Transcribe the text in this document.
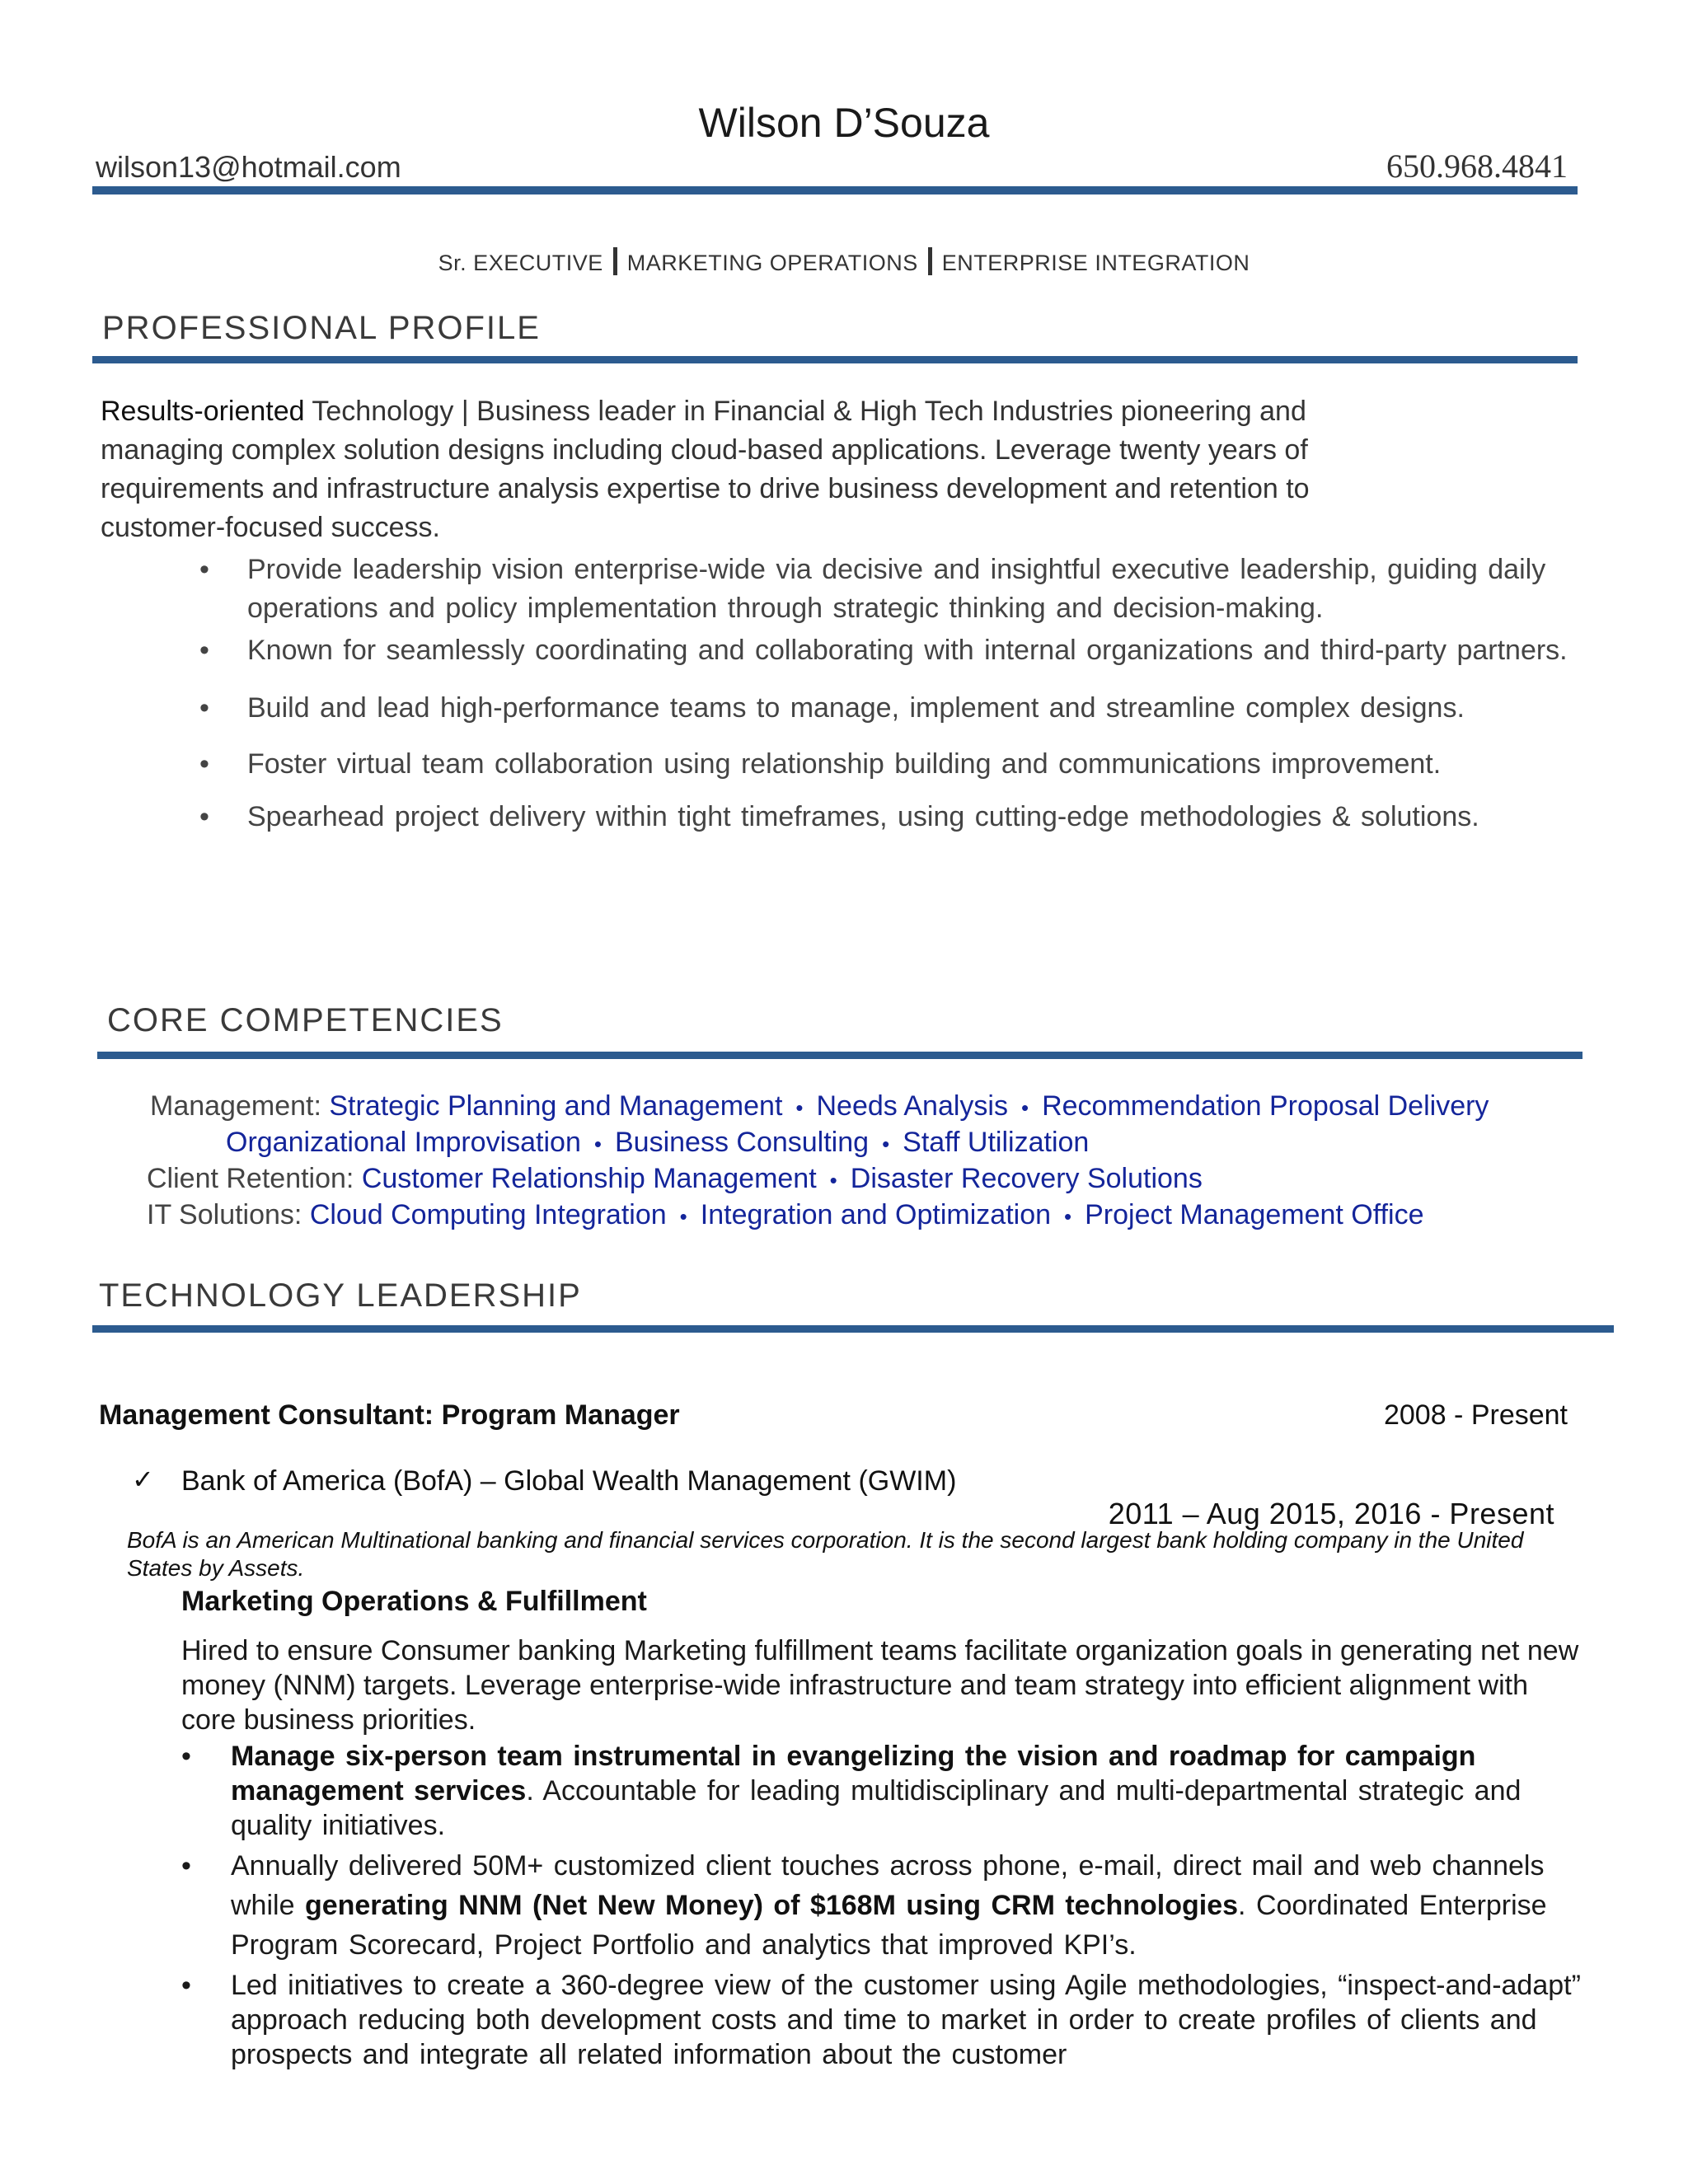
Wilson D’Souza
wilson13@hotmail.com	650.968.4841
Sr. EXECUTIVE MARKETING OPERATIONS ENTERPRISE INTEGRATION
PROFESSIONAL PROFILE
Results-oriented Technology | Business leader in Financial & High Tech Industries pioneering and managing complex solution designs including cloud-based applications. Leverage twenty years of requirements and infrastructure analysis expertise to drive business development and retention to customer-focused success.
• Provide leadership vision enterprise-wide via decisive and insightful executive leadership, guiding daily operations and policy implementation through strategic thinking and decision-making.
• Known for seamlessly coordinating and collaborating with internal organizations and third-party partners.
• Build and lead high-performance teams to manage, implement and streamline complex designs.
• Foster virtual team collaboration using relationship building and communications improvement.
• Spearhead project delivery within tight timeframes, using cutting-edge methodologies & solutions.
CORE COMPETENCIES
Management: Strategic Planning and Management • Needs Analysis • Recommendation Proposal Delivery
Organizational Improvisation • Business Consulting • Staff Utilization
Client Retention: Customer Relationship Management • Disaster Recovery Solutions
IT Solutions: Cloud Computing Integration • Integration and Optimization • Project Management Office
TECHNOLOGY LEADERSHIP
Management Consultant: Program Manager	2008 - Present
✓ Bank of America (BofA) – Global Wealth Management (GWIM)
2011 – Aug 2015, 2016 - Present
BofA is an American Multinational banking and financial services corporation. It is the second largest bank holding company in the United States by Assets.
Marketing Operations & Fulfillment
Hired to ensure Consumer banking Marketing fulfillment teams facilitate organization goals in generating net new money (NNM) targets. Leverage enterprise-wide infrastructure and team strategy into efficient alignment with core business priorities.
• Manage six-person team instrumental in evangelizing the vision and roadmap for campaign management services. Accountable for leading multidisciplinary and multi-departmental strategic and quality initiatives.
• Annually delivered 50M+ customized client touches across phone, e-mail, direct mail and web channels while generating NNM (Net New Money) of $168M using CRM technologies. Coordinated Enterprise Program Scorecard, Project Portfolio and analytics that improved KPI’s.
• Led initiatives to create a 360-degree view of the customer using Agile methodologies, “inspect-and-adapt” approach reducing both development costs and time to market in order to create profiles of clients and prospects and integrate all related information about the customer
